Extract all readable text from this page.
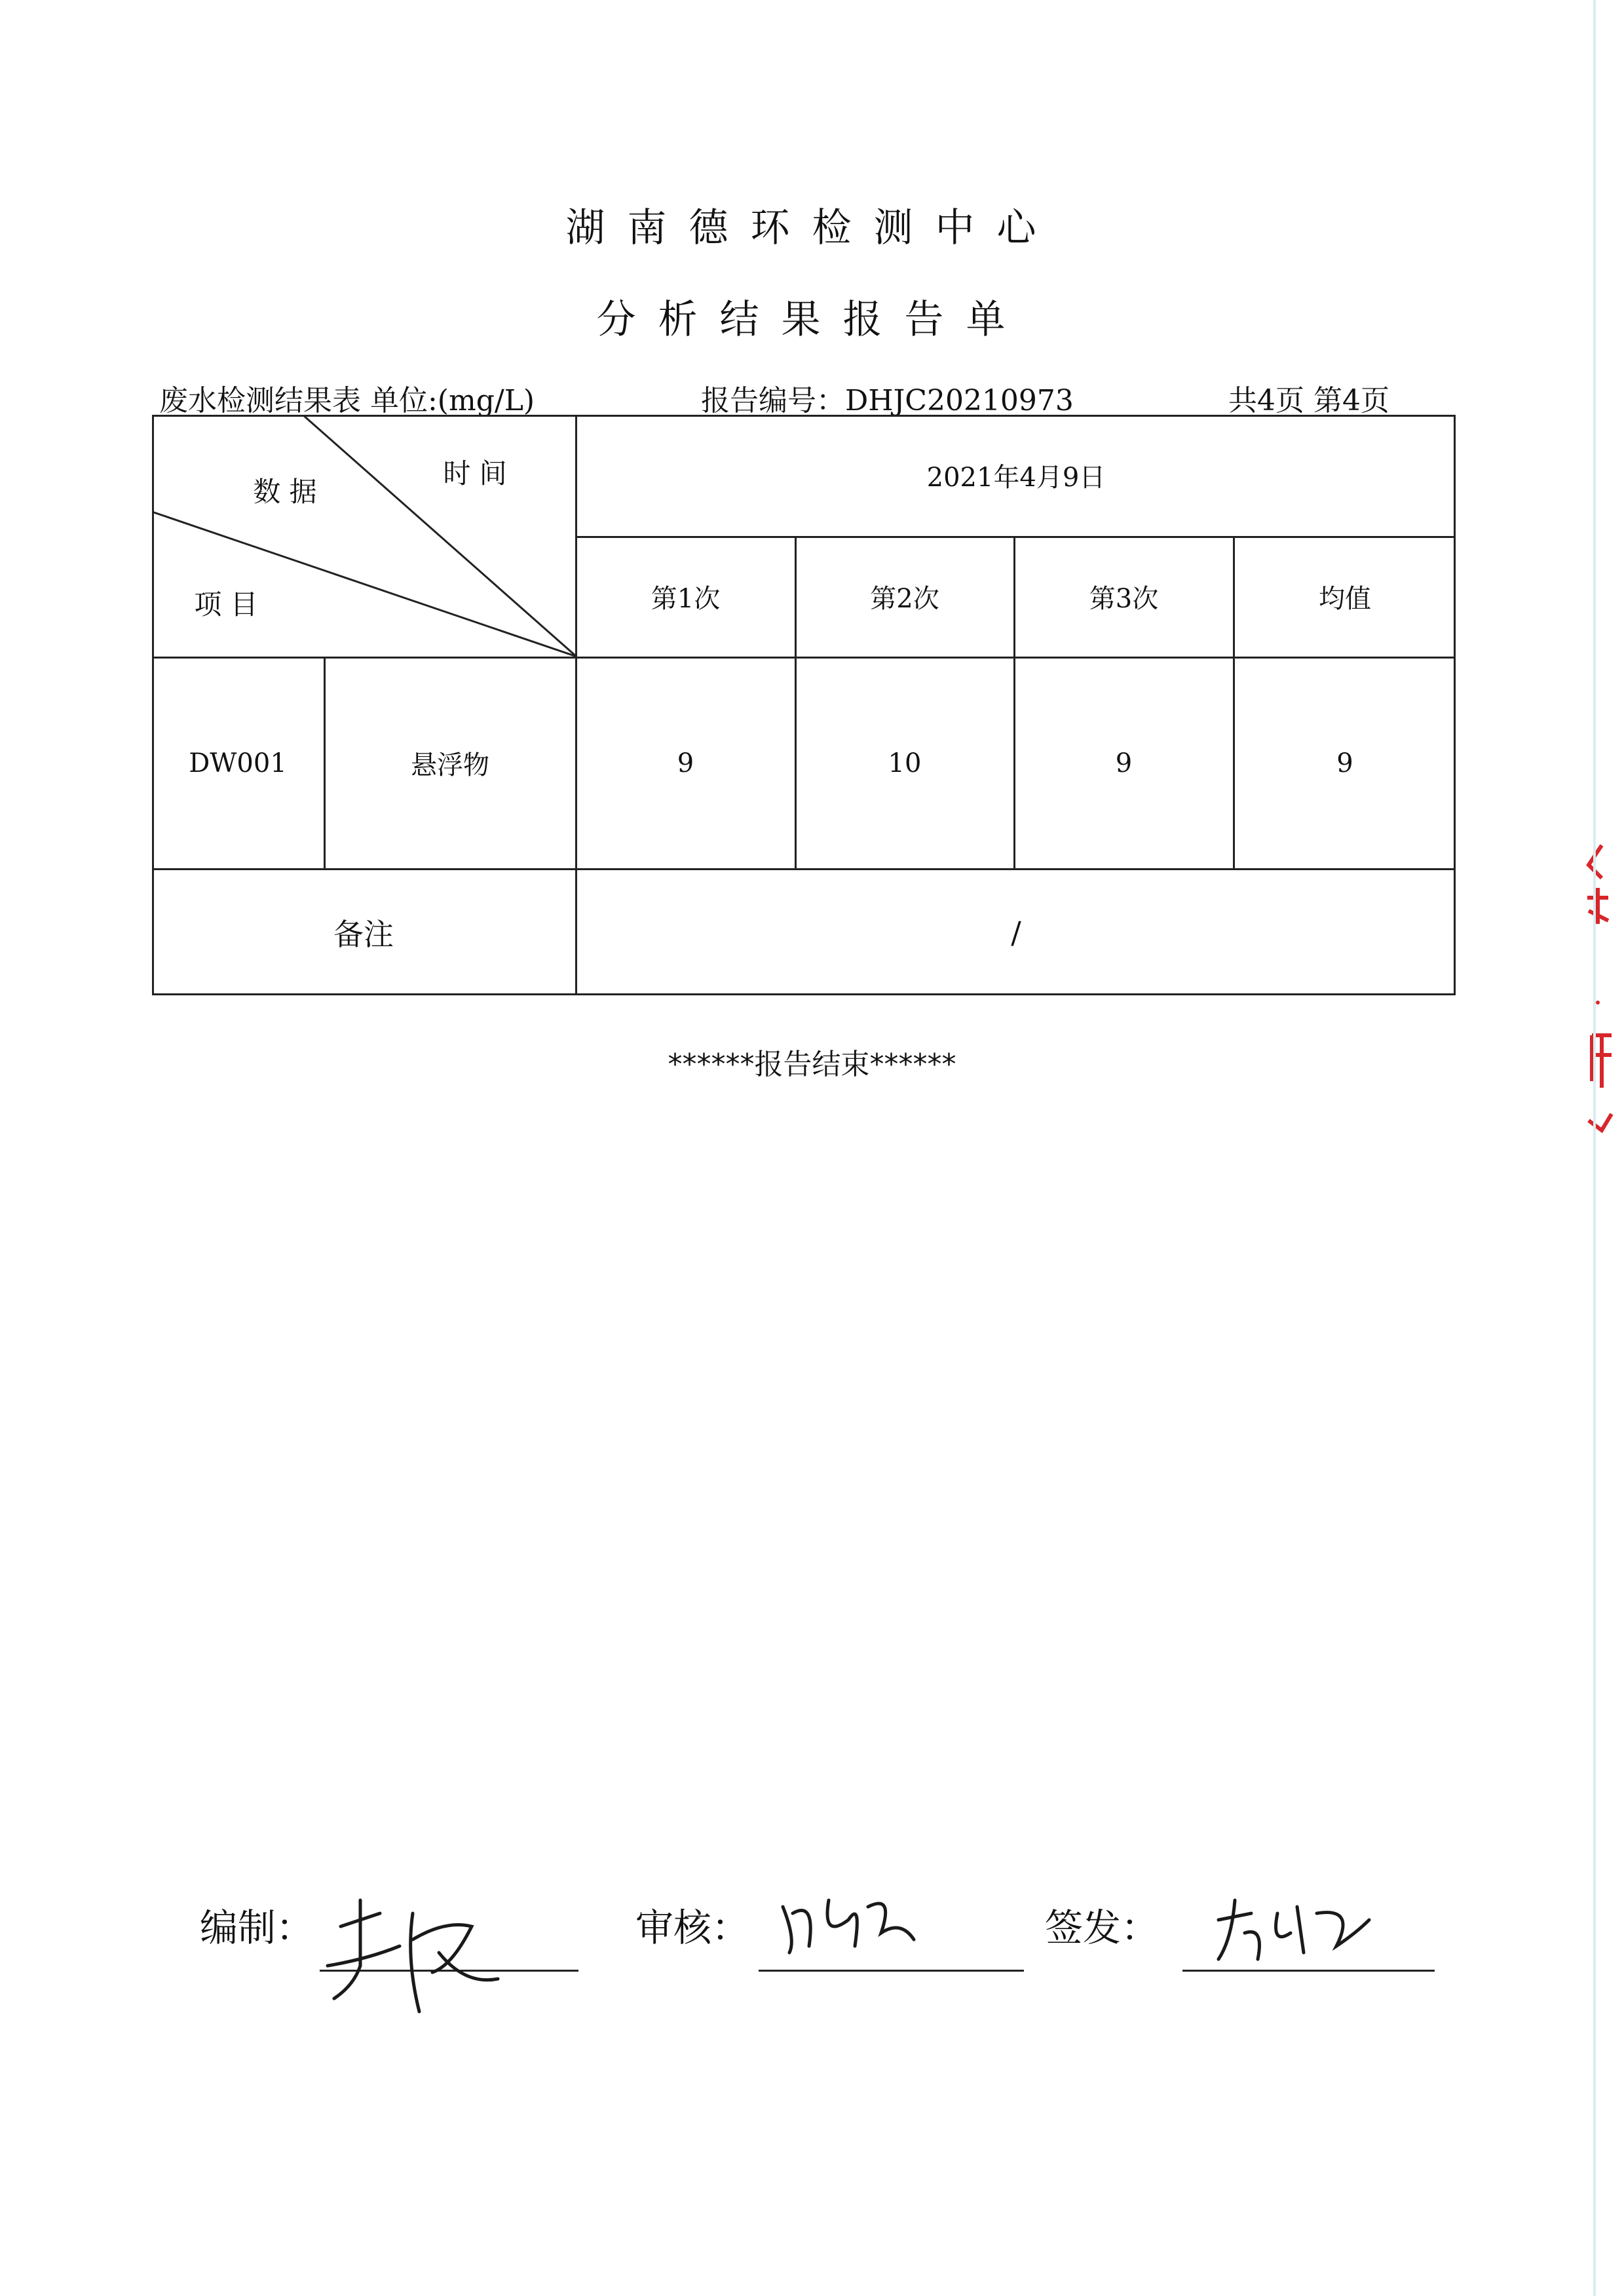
湖南德环检测中心
分析结果报告单
废水检测结果表 单位:(mg/L)	报告编号：DHJC20210973	共4页 第4页
数 据
时 间
项 目
2021年4月9日
第1次	第2次	第3次	均值
DW001	悬浮物	9	10	9	9
备注	/
******报告结束******
编制：	审核：	签发：
